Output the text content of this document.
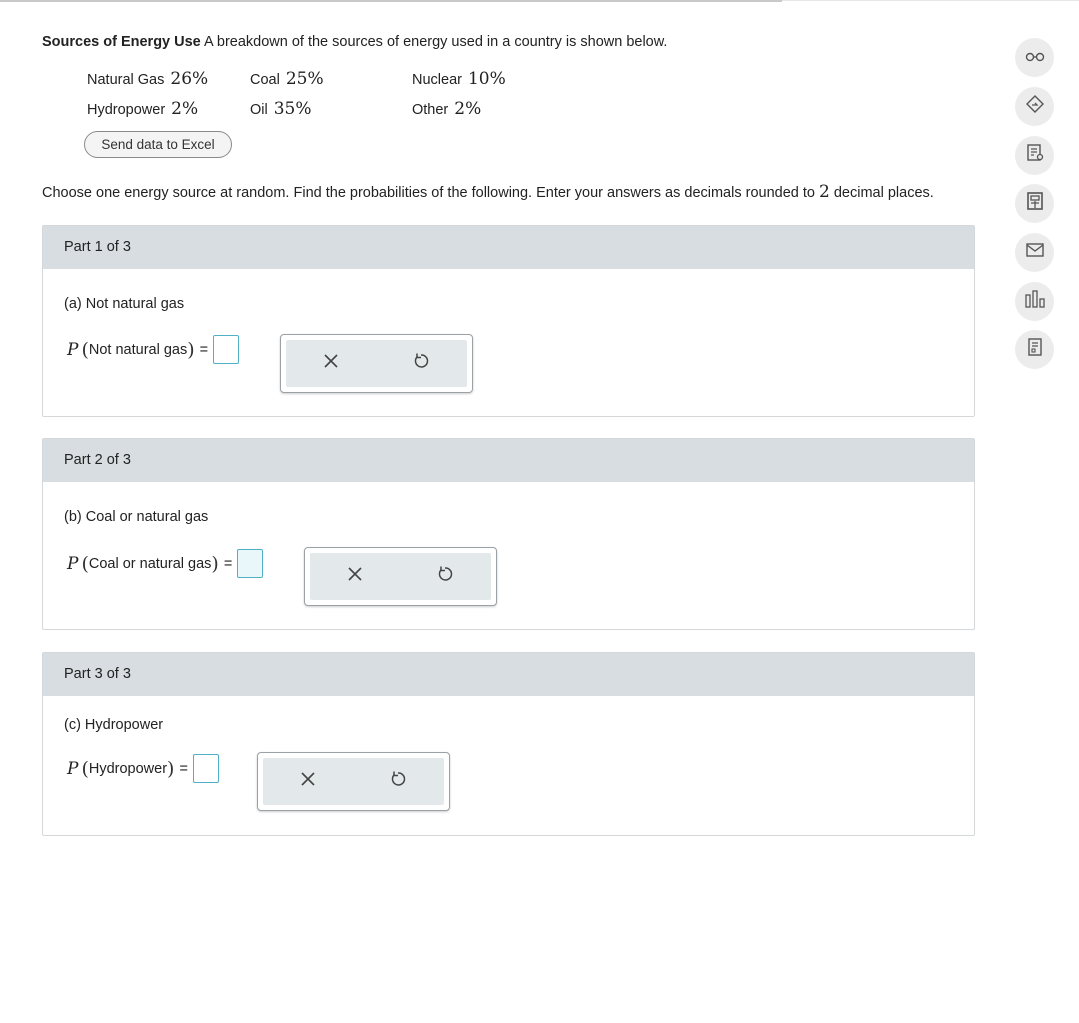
Sources of Energy Use A breakdown of the sources of energy used in a country is shown below.
Natural Gas 26%	Coal 25%	Nuclear 10%
Hydropower 2%	Oil 35%	Other 2%
Send data to Excel
Choose one energy source at random. Find the probabilities of the following. Enter your answers as decimals rounded to 2 decimal places.
Part 1 of 3
(a) Not natural gas
P ( Not natural gas ) =
Part 2 of 3
(b) Coal or natural gas
P ( Coal or natural gas ) =
Part 3 of 3
(c) Hydropower
P ( Hydropower ) =
